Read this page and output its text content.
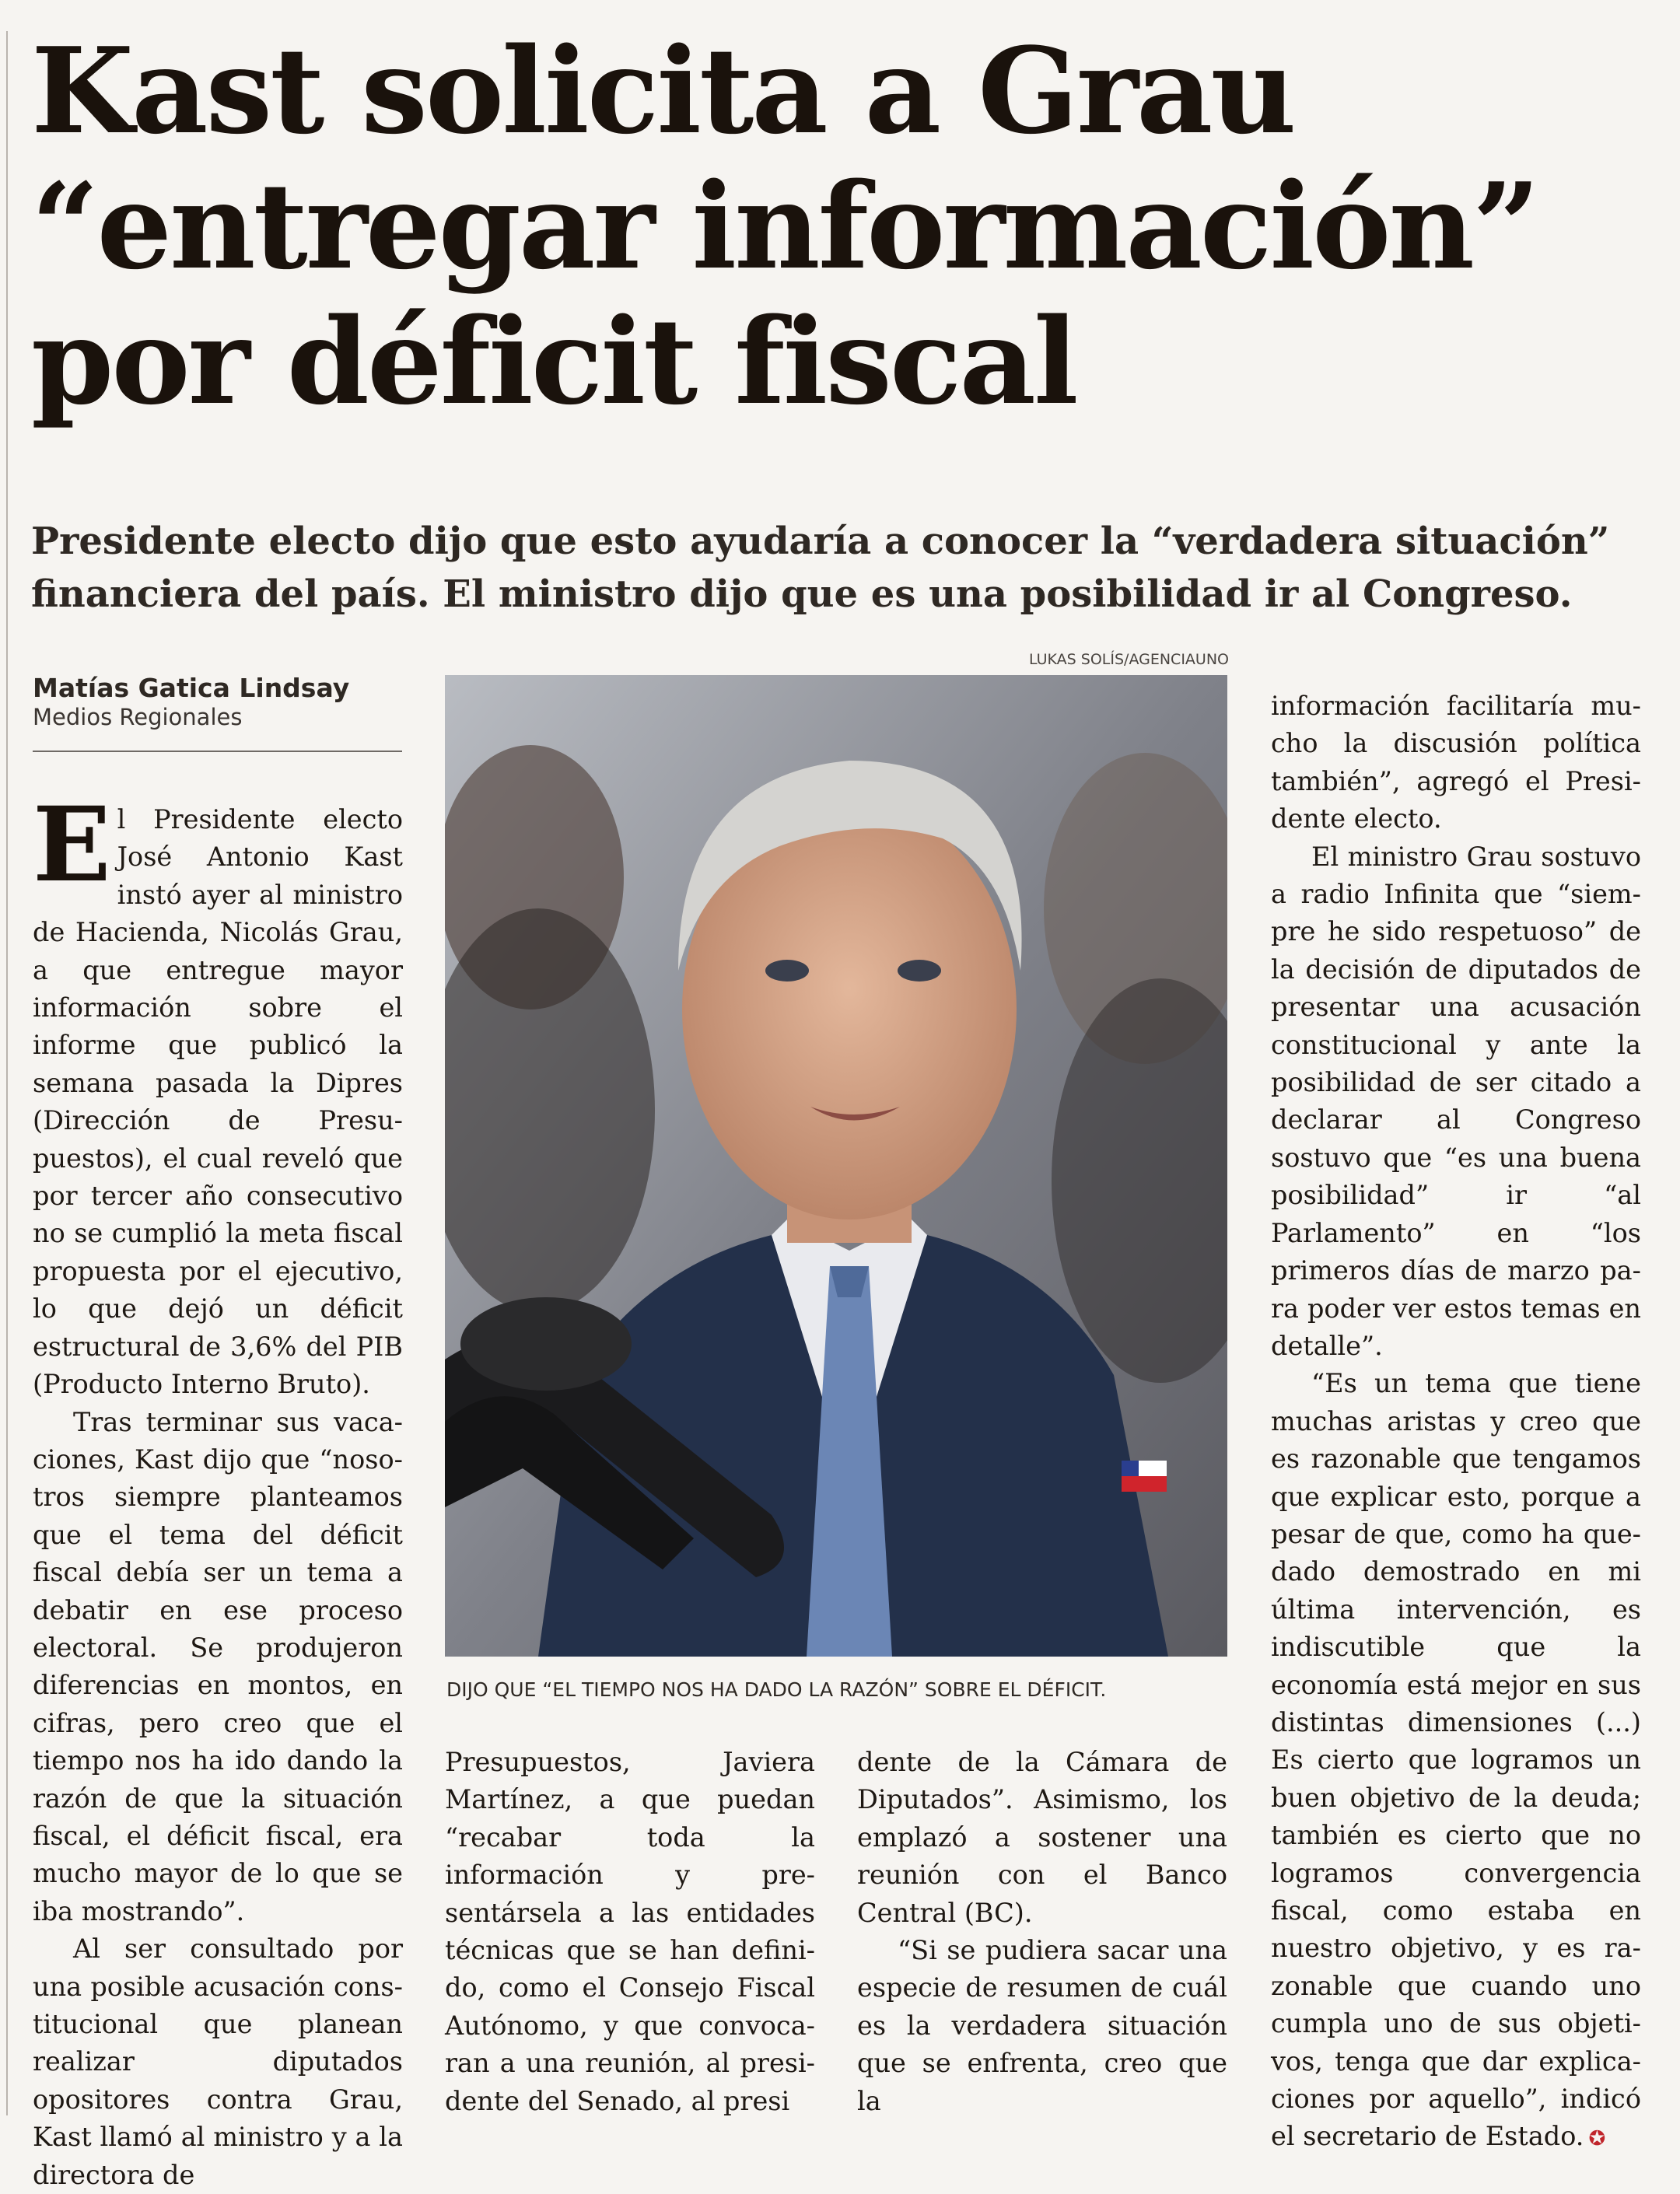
Kast solicita a Grau
“entregar información”
por déficit fiscal

Presidente electo dijo que esto ayudaría a conocer la “verdadera situación” financiera del país. El ministro dijo que es una posibilidad ir al Congreso.

Matías Gatica Lindsay
Medios Regionales
LUKAS SOLÍS/AGENCIAUNO
DIJO QUE “EL TIEMPO NOS HA DADO LA RAZÓN” SOBRE EL DÉFICIT.

El Presidente electo José Antonio Kast instó ayer al ministro de Hacienda, Nicolás Grau, a que entregue mayor información sobre el informe que publicó la semana pasada la Dipres (Dirección de Presupuestos), el cual reveló que por tercer año consecutivo no se cumplió la meta fiscal propuesta por el ejecutivo, lo que dejó un déficit estructural de 3,6% del PIB (Producto Interno Bruto).

Tras terminar sus vacaciones, Kast dijo que “nosotros siempre planteamos que el tema del déficit fiscal debía ser un tema a debatir en ese proceso electoral. Se produjeron diferencias en montos, en cifras, pero creo que el tiempo nos ha ido dando la razón de que la situación fiscal, el déficit fiscal, era mucho mayor de lo que se iba mostrando”.

Al ser consultado por una posible acusación constitucional que planean realizar diputados opositores contra Grau, Kast llamó al ministro y a la directora de

Presupuestos, Javiera Martínez, a que puedan “recabar toda la información y presentársela a las entidades técnicas que se han definido, como el Consejo Fiscal Autónomo, y que convocaran a una reunión, al presidente del Senado, al presi

dente de la Cámara de Diputados”. Asimismo, los emplazó a sostener una reunión con el Banco Central (BC).

“Si se pudiera sacar una especie de resumen de cuál es la verdadera situación que se enfrenta, creo que la

información facilitaría mucho la discusión política también”, agregó el Presidente electo.

El ministro Grau sostuvo a radio Infinita que “siempre he sido respetuoso” de la decisión de diputados de presentar una acusación constitucional y ante la posibilidad de ser citado a declarar al Congreso sostuvo que “es una buena posibilidad” ir “al Parlamento” en “los primeros días de marzo para poder ver estos temas en detalle”.

“Es un tema que tiene muchas aristas y creo que es razonable que tengamos que explicar esto, porque a pesar de que, como ha quedado demostrado en mi última intervención, es indiscutible que la economía está mejor en sus distintas dimensiones (...) Es cierto que logramos un buen objetivo de la deuda; también es cierto que no logramos convergencia fiscal, como estaba en nuestro objetivo, y es razonable que cuando uno cumpla uno de sus objetivos, tenga que dar explicaciones por aquello”, indicó el secretario de Estado. ✪
